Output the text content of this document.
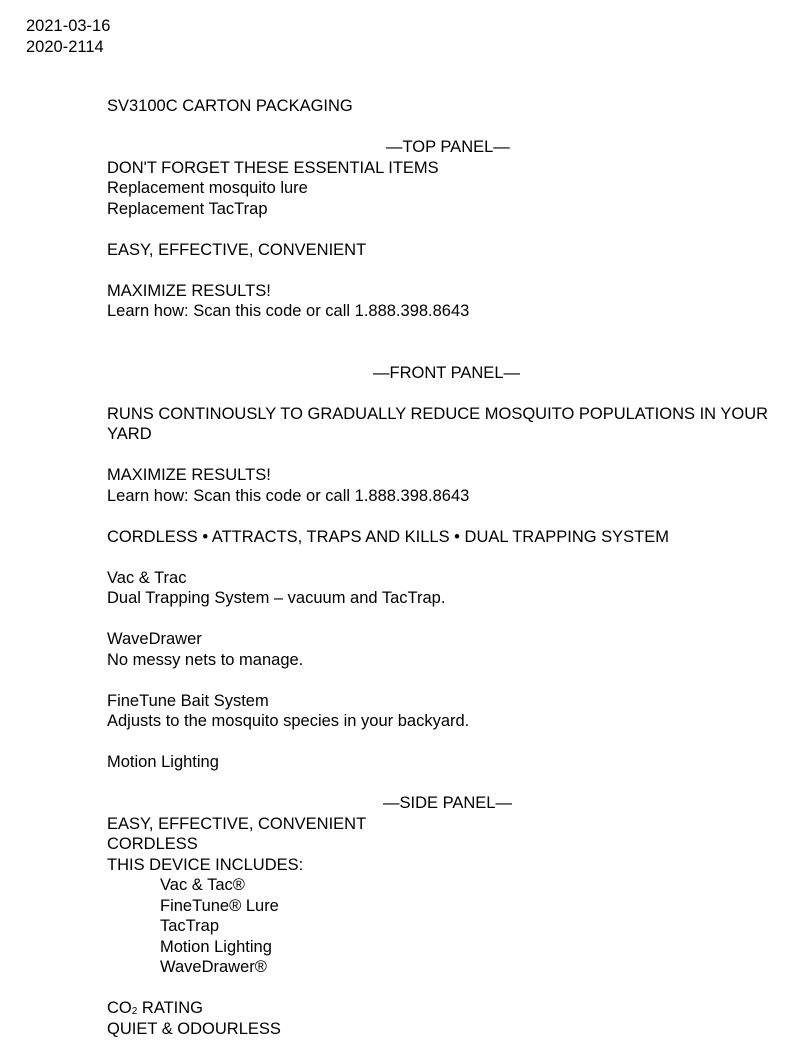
2021-03-16
2020-2114
SV3100C CARTON PACKAGING
—TOP PANEL—
DON'T FORGET THESE ESSENTIAL ITEMS
Replacement mosquito lure
Replacement TacTrap
EASY, EFFECTIVE, CONVENIENT
MAXIMIZE RESULTS!
Learn how: Scan this code or call 1.888.398.8643
—FRONT PANEL—
RUNS CONTINOUSLY TO GRADUALLY REDUCE MOSQUITO POPULATIONS IN YOUR YARD
MAXIMIZE RESULTS!
Learn how: Scan this code or call 1.888.398.8643
CORDLESS • ATTRACTS, TRAPS AND KILLS • DUAL TRAPPING SYSTEM
Vac & Trac
Dual Trapping System – vacuum and TacTrap.
WaveDrawer
No messy nets to manage.
FineTune Bait System
Adjusts to the mosquito species in your backyard.
Motion Lighting
—SIDE PANEL—
EASY, EFFECTIVE, CONVENIENT
CORDLESS
THIS DEVICE INCLUDES:
Vac & Tac®
FineTune® Lure
TacTrap
Motion Lighting
WaveDrawer®
$CO_2$ RATING
QUIET & ODOURLESS
